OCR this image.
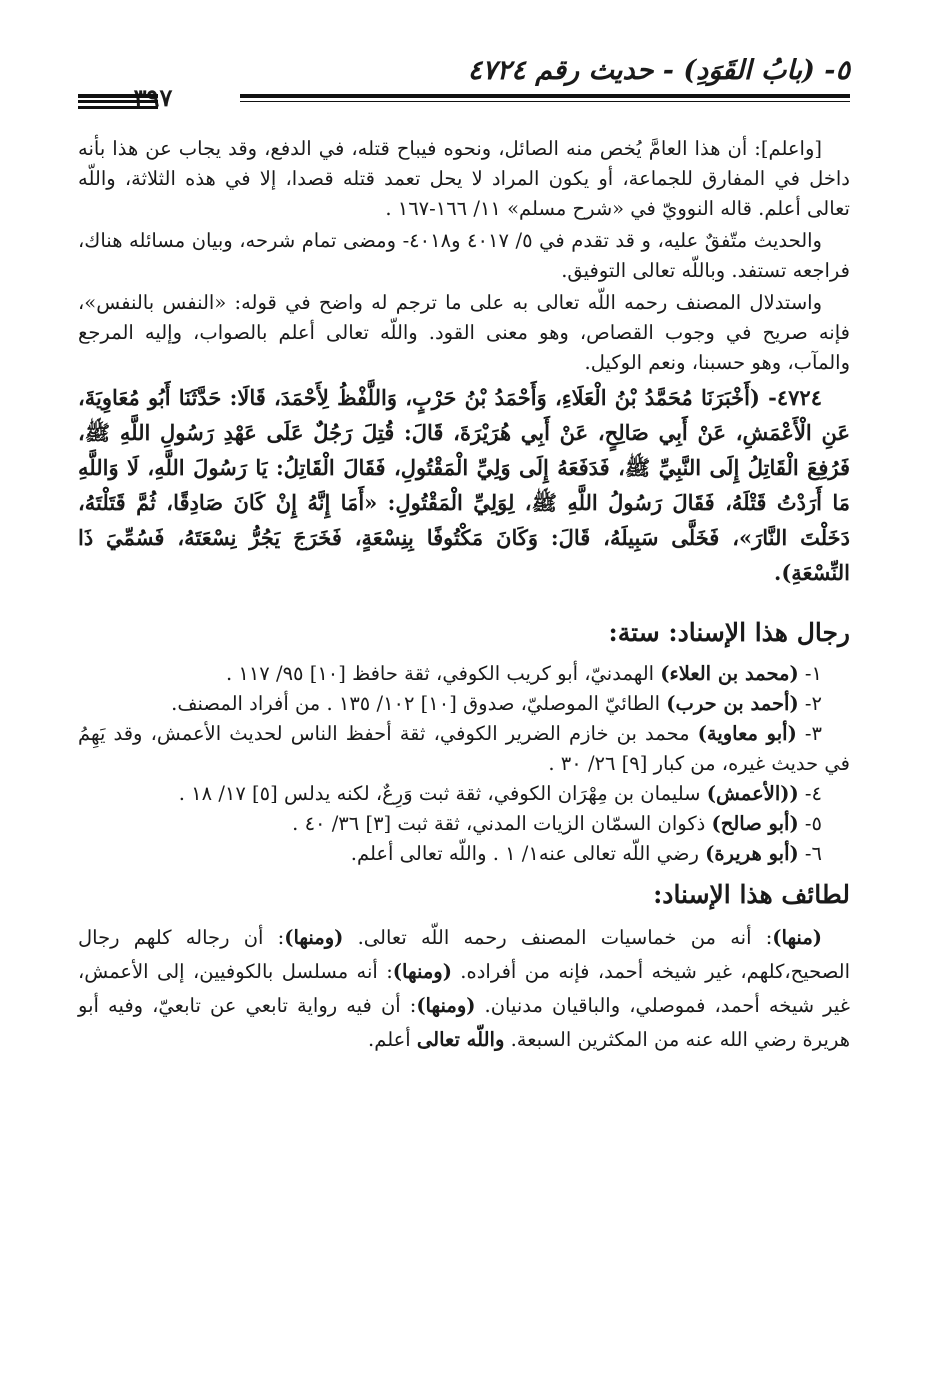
٥- (بابُ القَوَدِ) - حديث رقم ٤٧٢٤
٣٩٧

[واعلم]: أن هذا العامَّ يُخص منه الصائل، ونحوه فيباح قتله، في الدفع، وقد يجاب عن هذا بأنه داخل في المفارق للجماعة، أو يكون المراد لا يحل تعمد قتله قصدا، إلا في هذه الثلاثة، واللّه تعالى أعلم. قاله النوويّ في «شرح مسلم» ١١/ ١٦٦-١٦٧ .

والحديث متّفقٌ عليه، و قد تقدم في ٥/ ٤٠١٧ و٤٠١٨- ومضى تمام شرحه، وبيان مسائله هناك، فراجعه تستفد. وباللّه تعالى التوفيق.

واستدلال المصنف رحمه اللّه تعالى به على ما ترجم له واضح في قوله: «النفس بالنفس»، فإنه صريح في وجوب القصاص، وهو معنى القود. واللّه تعالى أعلم بالصواب، وإليه المرجع والمآب، وهو حسبنا، ونعم الوكيل.

٤٧٢٤- (أَخْبَرَنَا مُحَمَّدُ بْنُ الْعَلَاءِ، وَأَحْمَدُ بْنُ حَرْبٍ، وَاللَّفْظُ لِأَحْمَدَ، قَالَا: حَدَّثَنَا أَبُو مُعَاوِيَةَ، عَنِ الْأَعْمَشِ، عَنْ أَبِي صَالِحٍ، عَنْ أَبِي هُرَيْرَةَ، قَالَ: قُتِلَ رَجُلٌ عَلَى عَهْدِ رَسُولِ اللَّهِ ﷺ، فَرُفِعَ الْقَاتِلُ إِلَى النَّبِيِّ ﷺ، فَدَفَعَهُ إِلَى وَلِيِّ الْمَقْتُولِ، فَقَالَ الْقَاتِلُ: يَا رَسُولَ اللَّهِ، لَا وَاللَّهِ مَا أَرَدْتُ قَتْلَهُ، فَقَالَ رَسُولُ اللَّهِ ﷺ، لِوَلِيِّ الْمَقْتُولِ: «أَمَا إِنَّهُ إِنْ كَانَ صَادِقًا، ثُمَّ قَتَلْتَهُ، دَخَلْتَ النَّارَ»، فَخَلَّى سَبِيلَهُ، قَالَ: وَكَانَ مَكْتُوفًا بِنِسْعَةٍ، فَخَرَجَ يَجُرُّ نِسْعَتَهُ، فَسُمِّيَ ذَا النِّسْعَةِ).

رجال هذا الإسناد: ستة:

١- (محمد بن العلاء) الهمدنيّ، أبو كريب الكوفي، ثقة حافظ [١٠] ٩٥/ ١١٧ .

٢- (أحمد بن حرب) الطائيّ الموصليّ، صدوق [١٠] ١٠٢/ ١٣٥ . من أفراد المصنف.

٣- (أبو معاوية) محمد بن خازم الضرير الكوفي، ثقة أحفظ الناس لحديث الأعمش، وقد يَهِمُ في حديث غيره، من كبار [٩] ٢٦/ ٣٠ .

٤- ((الأعمش) سليمان بن مِهْرَان الكوفي، ثقة ثبت وَرِعٌ، لكنه يدلس [٥] ١٧/ ١٨ .

٥- (أبو صالح) ذكوان السمّان الزيات المدني، ثقة ثبت [٣] ٣٦/ ٤٠ .

٦- (أبو هريرة) رضي اللّه تعالى عنه١/ ١ . واللّه تعالى أعلم.

لطائف هذا الإسناد:

(منها): أنه من خماسيات المصنف رحمه اللّه تعالى. (ومنها): أن رجاله كلهم رجال الصحيح،كلهم، غير شيخه أحمد، فإنه من أفراده. (ومنها): أنه مسلسل بالكوفيين، إلى الأعمش، غير شيخه أحمد، فموصلي، والباقيان مدنيان. (ومنها): أن فيه رواية تابعي عن تابعيّ، وفيه أبو هريرة رضي الله عنه من المكثرين السبعة. واللّه تعالى أعلم.
